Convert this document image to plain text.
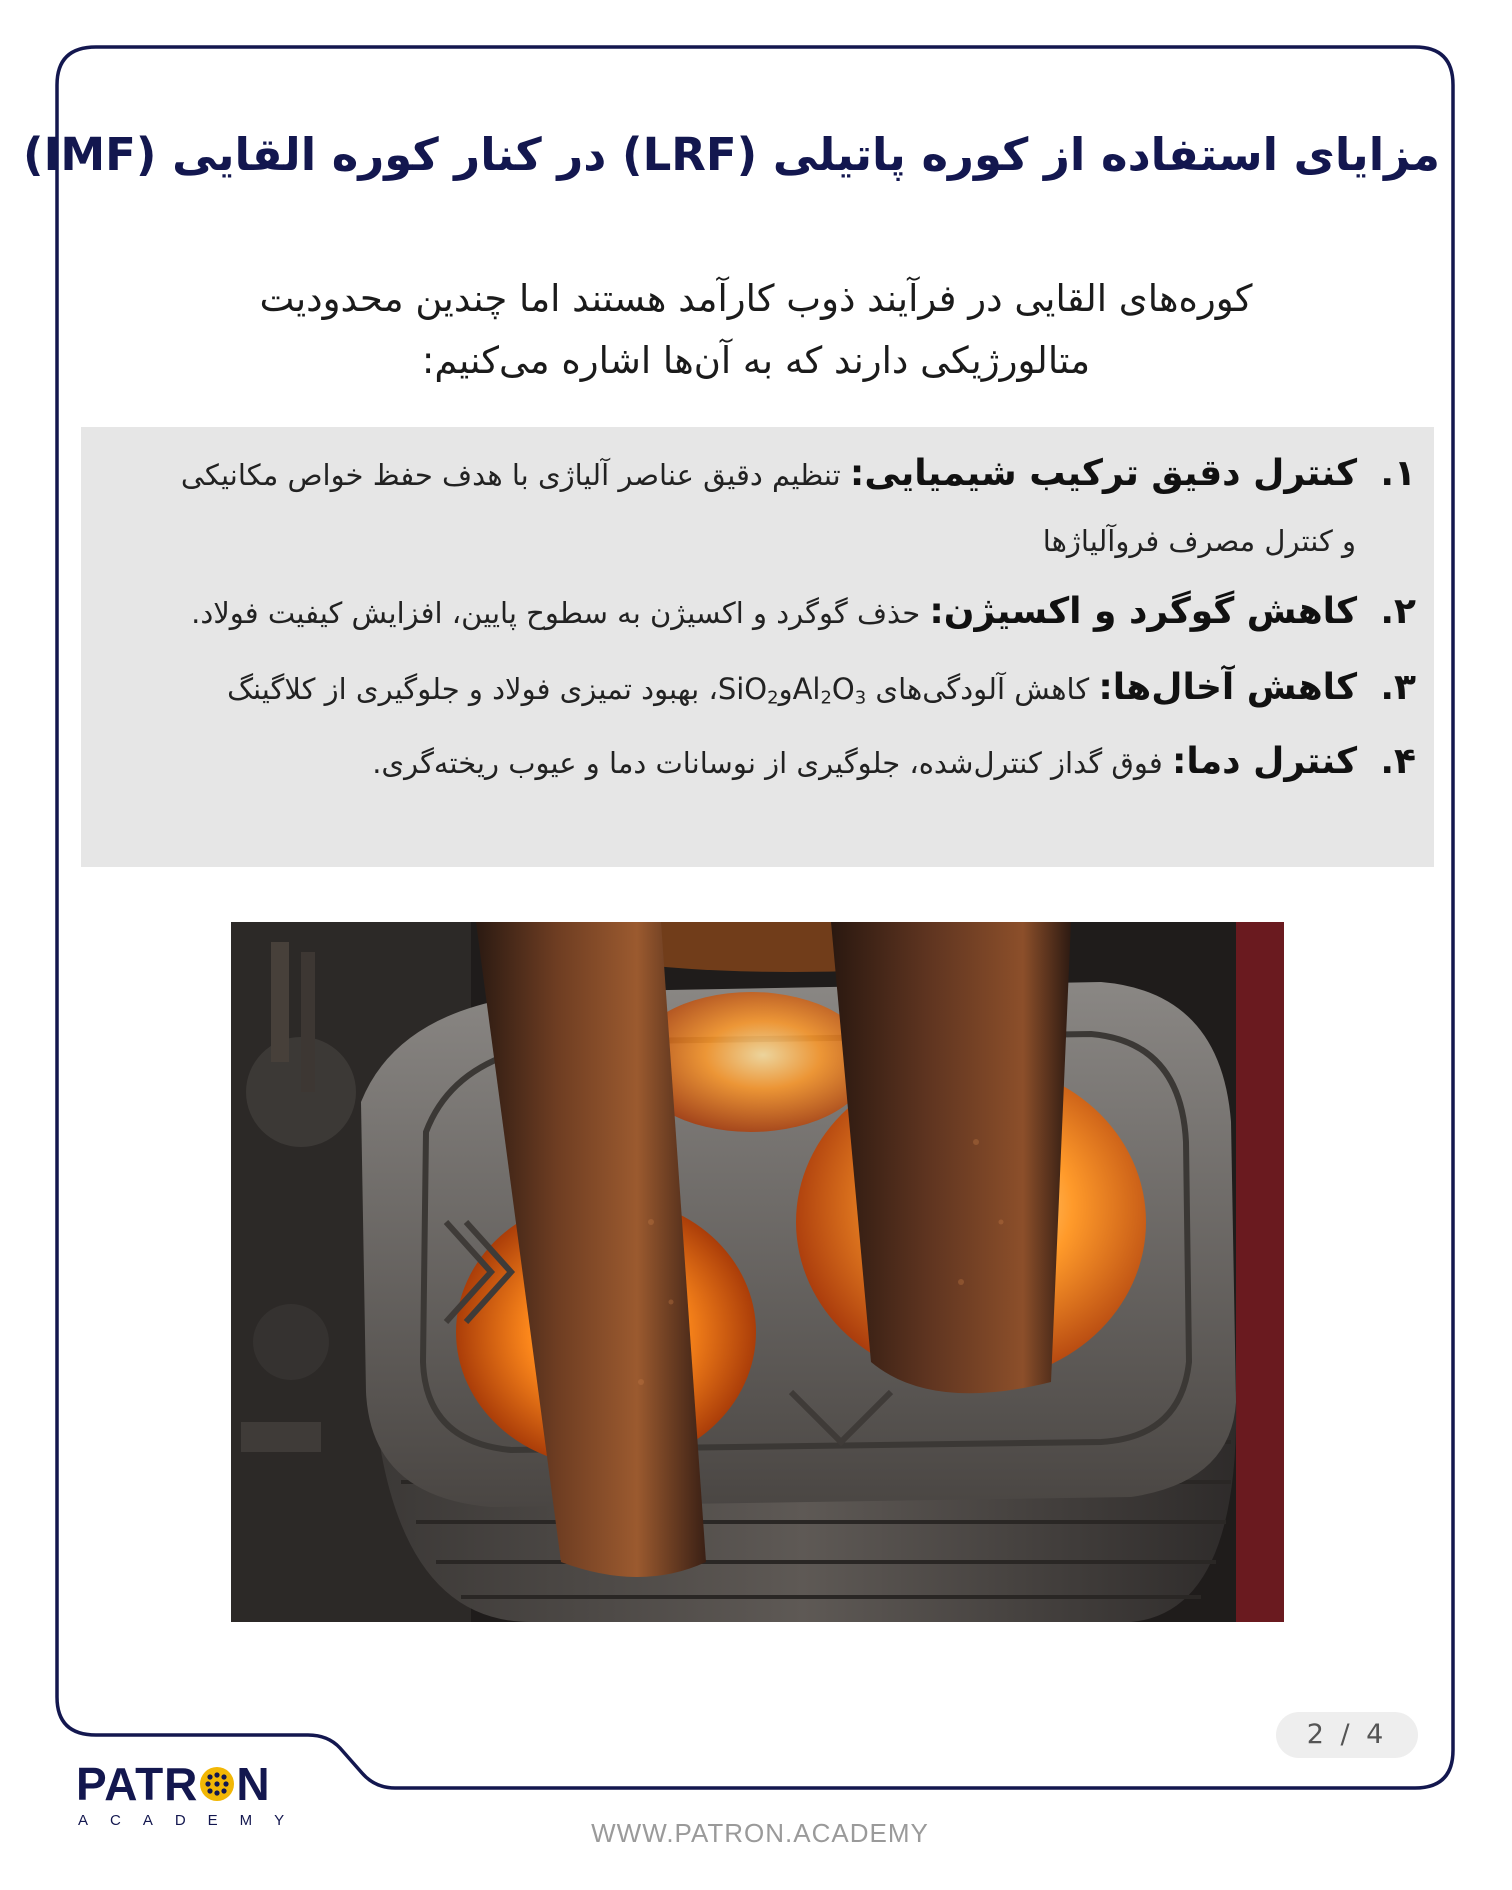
مزایای استفاده از کوره پاتیلی (LRF) در کنار کوره القایی (IMF)
کوره‌های القایی در فرآیند ذوب کارآمد هستند اما چندین محدودیت
متالورژیکی دارند که به آن‌ها اشاره می‌کنیم:
۱. کنترل دقیق ترکیب شیمیایی: تنظیم دقیق عناصر آلیاژی با هدف حفظ خواص مکانیکی
و کنترل مصرف فروآلیاژها
۲. کاهش گوگرد و اکسیژن: حذف گوگرد و اکسیژن به سطوح پایین، افزایش کیفیت فولاد.
۳. کاهش آخال‌ها: کاهش آلودگی‌های $Al_2O_3وSiO_2،$ بهبود تمیزی فولاد و جلوگیری از کلاگینگ
۴. کنترل دما: فوق گداز کنترل‌شده، جلوگیری از نوسانات دما و عیوب ریخته‌گری.
2 / 4
PATR N
ACADEMY	WWW.PATRON.ACADEMY
